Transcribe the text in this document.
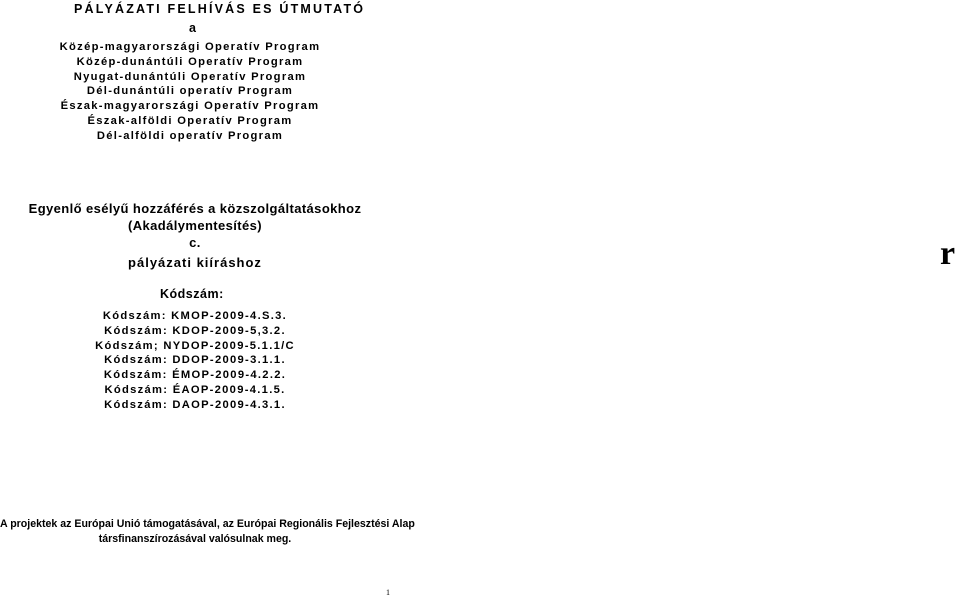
PÁLYÁZATI FELHÍVÁS ES ÚTMUTATÓ
a
Közép-magyarországi Operatív Program
Közép-dunántúli Operatív Program
Nyugat-dunántúli Operatív Program
Dél-dunántúli operatív Program
Észak-magyarországi Operatív Program
Észak-alföldi Operatív Program
Dél-alföldi operatív Program
Egyenlő esélyű hozzáférés a közszolgáltatásokhoz
(Akadálymentesítés)
c.
pályázati kiíráshoz	r
Kódszám:
Kódszám: KMOP-2009-4.S.3.
Kódszám: KDOP-2009-5,3.2.
Kódszám; NYDOP-2009-5.1.1/C
Kódszám: DDOP-2009-3.1.1.
Kódszám: ÉMOP-2009-4.2.2.
Kódszám: ÉAOP-2009-4.1.5.
Kódszám: DAOP-2009-4.3.1.
A projektek az Európai Unió támogatásával, az Európai Regionális Fejlesztési Alap
társfinanszírozásával valósulnak meg.
1
